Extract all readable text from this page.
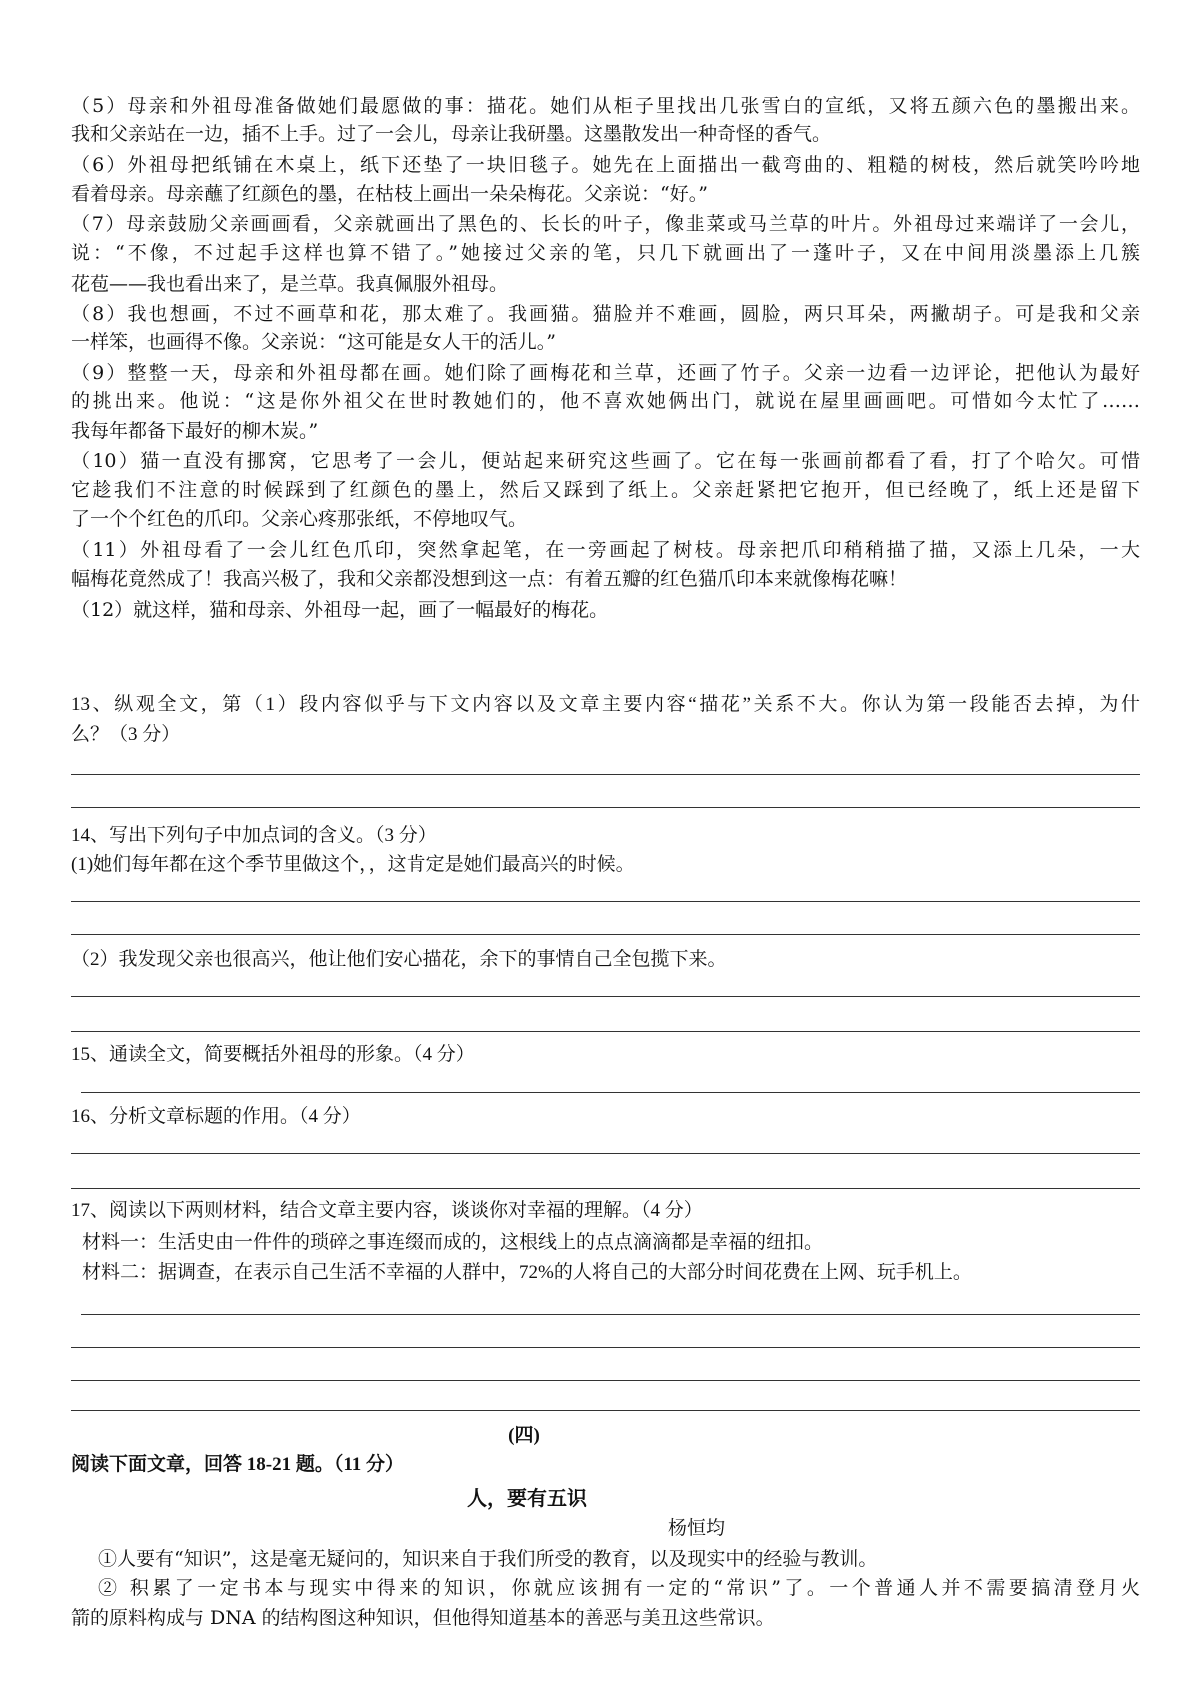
（5）母亲和外祖母准备做她们最愿做的事：描花。她们从柜子里找出几张雪白的宣纸，又将五颜六色的墨搬出来。
我和父亲站在一边，插不上手。过了一会儿，母亲让我研墨。这墨散发出一种奇怪的香气。
（6）外祖母把纸铺在木桌上，纸下还垫了一块旧毯子。她先在上面描出一截弯曲的、粗糙的树枝，然后就笑吟吟地
看着母亲。母亲蘸了红颜色的墨，在枯枝上画出一朵朵梅花。父亲说：“好。”
（7）母亲鼓励父亲画画看，父亲就画出了黑色的、长长的叶子，像韭菜或马兰草的叶片。外祖母过来端详了一会儿，
说：“不像，不过起手这样也算不错了。”她接过父亲的笔，只几下就画出了一蓬叶子，又在中间用淡墨添上几簇
花苞——我也看出来了，是兰草。我真佩服外祖母。
（8）我也想画，不过不画草和花，那太难了。我画猫。猫脸并不难画，圆脸，两只耳朵，两撇胡子。可是我和父亲
一样笨，也画得不像。父亲说：“这可能是女人干的活儿。”
（9）整整一天，母亲和外祖母都在画。她们除了画梅花和兰草，还画了竹子。父亲一边看一边评论，把他认为最好
的挑出来。他说：“这是你外祖父在世时教她们的，他不喜欢她俩出门，就说在屋里画画吧。可惜如今太忙了……
我每年都备下最好的柳木炭。”
（10）猫一直没有挪窝，它思考了一会儿，便站起来研究这些画了。它在每一张画前都看了看，打了个哈欠。可惜
它趁我们不注意的时候踩到了红颜色的墨上，然后又踩到了纸上。父亲赶紧把它抱开，但已经晚了，纸上还是留下
了一个个红色的爪印。父亲心疼那张纸，不停地叹气。
（11）外祖母看了一会儿红色爪印，突然拿起笔，在一旁画起了树枝。母亲把爪印稍稍描了描，又添上几朵，一大
幅梅花竟然成了！我高兴极了，我和父亲都没想到这一点：有着五瓣的红色猫爪印本来就像梅花嘛！
（12）就这样，猫和母亲、外祖母一起，画了一幅最好的梅花。
13、纵观全文，第（1）段内容似乎与下文内容以及文章主要内容“描花”关系不大。你认为第一段能否去掉，为什
么？（3 分）
14、写出下列句子中加点词的含义。（3 分）
(1)她们每年都在这个季节里做这个，，这肯定是她们最高兴的时候。
（2）我发现父亲也很高兴，他让他们安心描花，余下的事情自己全包揽下来。
15、通读全文，简要概括外祖母的形象。（4 分）
16、分析文章标题的作用。（4 分）
17、阅读以下两则材料，结合文章主要内容，谈谈你对幸福的理解。（4 分）
材料一：生活史由一件件的琐碎之事连缀而成的，这根线上的点点滴滴都是幸福的纽扣。
材料二：据调查，在表示自己生活不幸福的人群中，72%的人将自己的大部分时间花费在上网、玩手机上。
(四)
阅读下面文章，回答 18-21 题。（11 分）
人，要有五识
杨恒均
①人要有“知识”，这是毫无疑问的，知识来自于我们所受的教育，以及现实中的经验与教训。
② 积累了一定书本与现实中得来的知识，你就应该拥有一定的“常识”了。一个普通人并不需要搞清登月火
箭的原料构成与 DNA 的结构图这种知识，但他得知道基本的善恶与美丑这些常识。
